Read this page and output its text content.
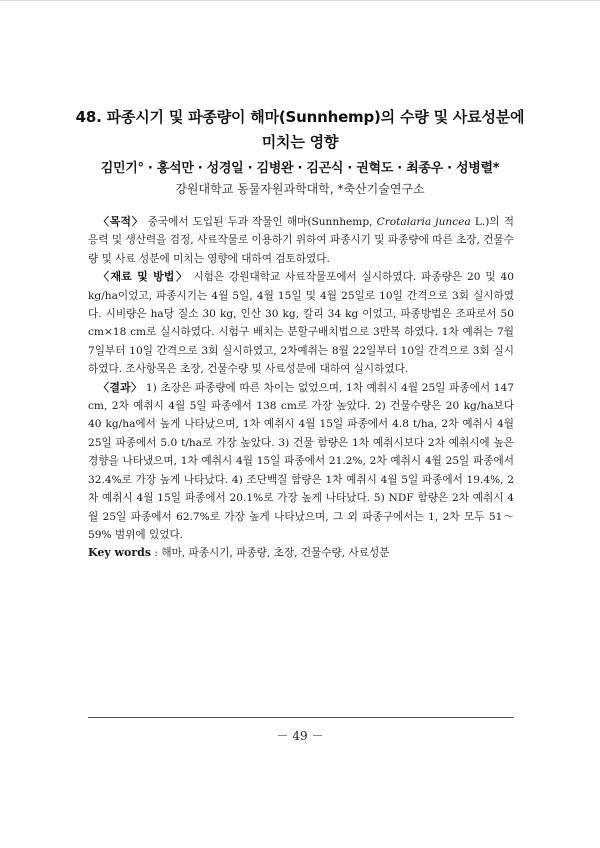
48. 파종시기 및 파종량이 해마(Sunnhemp)의 수량 및 사료성분에
미치는 영향
김민기° · 홍석만 · 성경일 · 김병완 · 김곤식 · 권혁도 · 최종우 · 성병렬*
강원대학교 동물자원과학대학, *축산기술연구소

〈목적〉 중국에서 도입된 두과 작물인 해마(Sunnhemp, Crotalaria juncea L.)의 적응력 및 생산력을 검정, 사료작물로 이용하기 위하여 파종시기 및 파종량에 따른 초장, 건물수량 및 사료 성분에 미치는 영향에 대하여 검토하였다.

〈재료 및 방법〉 시험은 강원대학교 사료작물포에서 실시하였다. 파종량은 20 및 40 kg/ha이었고, 파종시기는 4월 5일, 4월 15일 및 4월 25일로 10일 간격으로 3회 실시하였다. 시비량은 ha당 질소 30 kg, 인산 30 kg, 칼리 34 kg 이었고, 파종방법은 조파로서 50 cm×18 cm로 실시하였다. 시험구 배치는 분할구배치법으로 3반복 하였다. 1차 예취는 7월 7일부터 10일 간격으로 3회 실시하였고, 2차예취는 8월 22일부터 10일 간격으로 3회 실시하였다. 조사항목은 초장, 건물수량 및 사료성분에 대하여 실시하였다.

〈결과〉 1) 초장은 파종량에 따른 차이는 없었으며, 1차 예취시 4월 25일 파종에서 147 cm, 2차 예취시 4월 5일 파종에서 138 cm로 가장 높았다. 2) 건물수량은 20 kg/ha보다 40 kg/ha에서 높게 나타났으며, 1차 예취시 4월 15일 파종에서 4.8 t/ha, 2차 예취시 4월 25일 파종에서 5.0 t/ha로 가장 높았다. 3) 건물 함량은 1차 예취시보다 2차 예취시에 높은 경향을 나타냈으며, 1차 예취시 4월 15일 파종에서 21.2%, 2차 예취시 4월 25일 파종에서 32.4%로 가장 높게 나타났다. 4) 조단백질 함량은 1차 예취시 4월 5일 파종에서 19.4%, 2차 예취시 4월 15일 파종에서 20.1%로 가장 높게 나타났다. 5) NDF 함량은 2차 예취시 4월 25일 파종에서 62.7%로 가장 높게 나타났으며, 그 외 파종구에서는 1, 2차 모두 51～59% 범위에 있었다.

Key words : 해마, 파종시기, 파종량, 초장, 건물수량, 사료성분

－ 49 －
